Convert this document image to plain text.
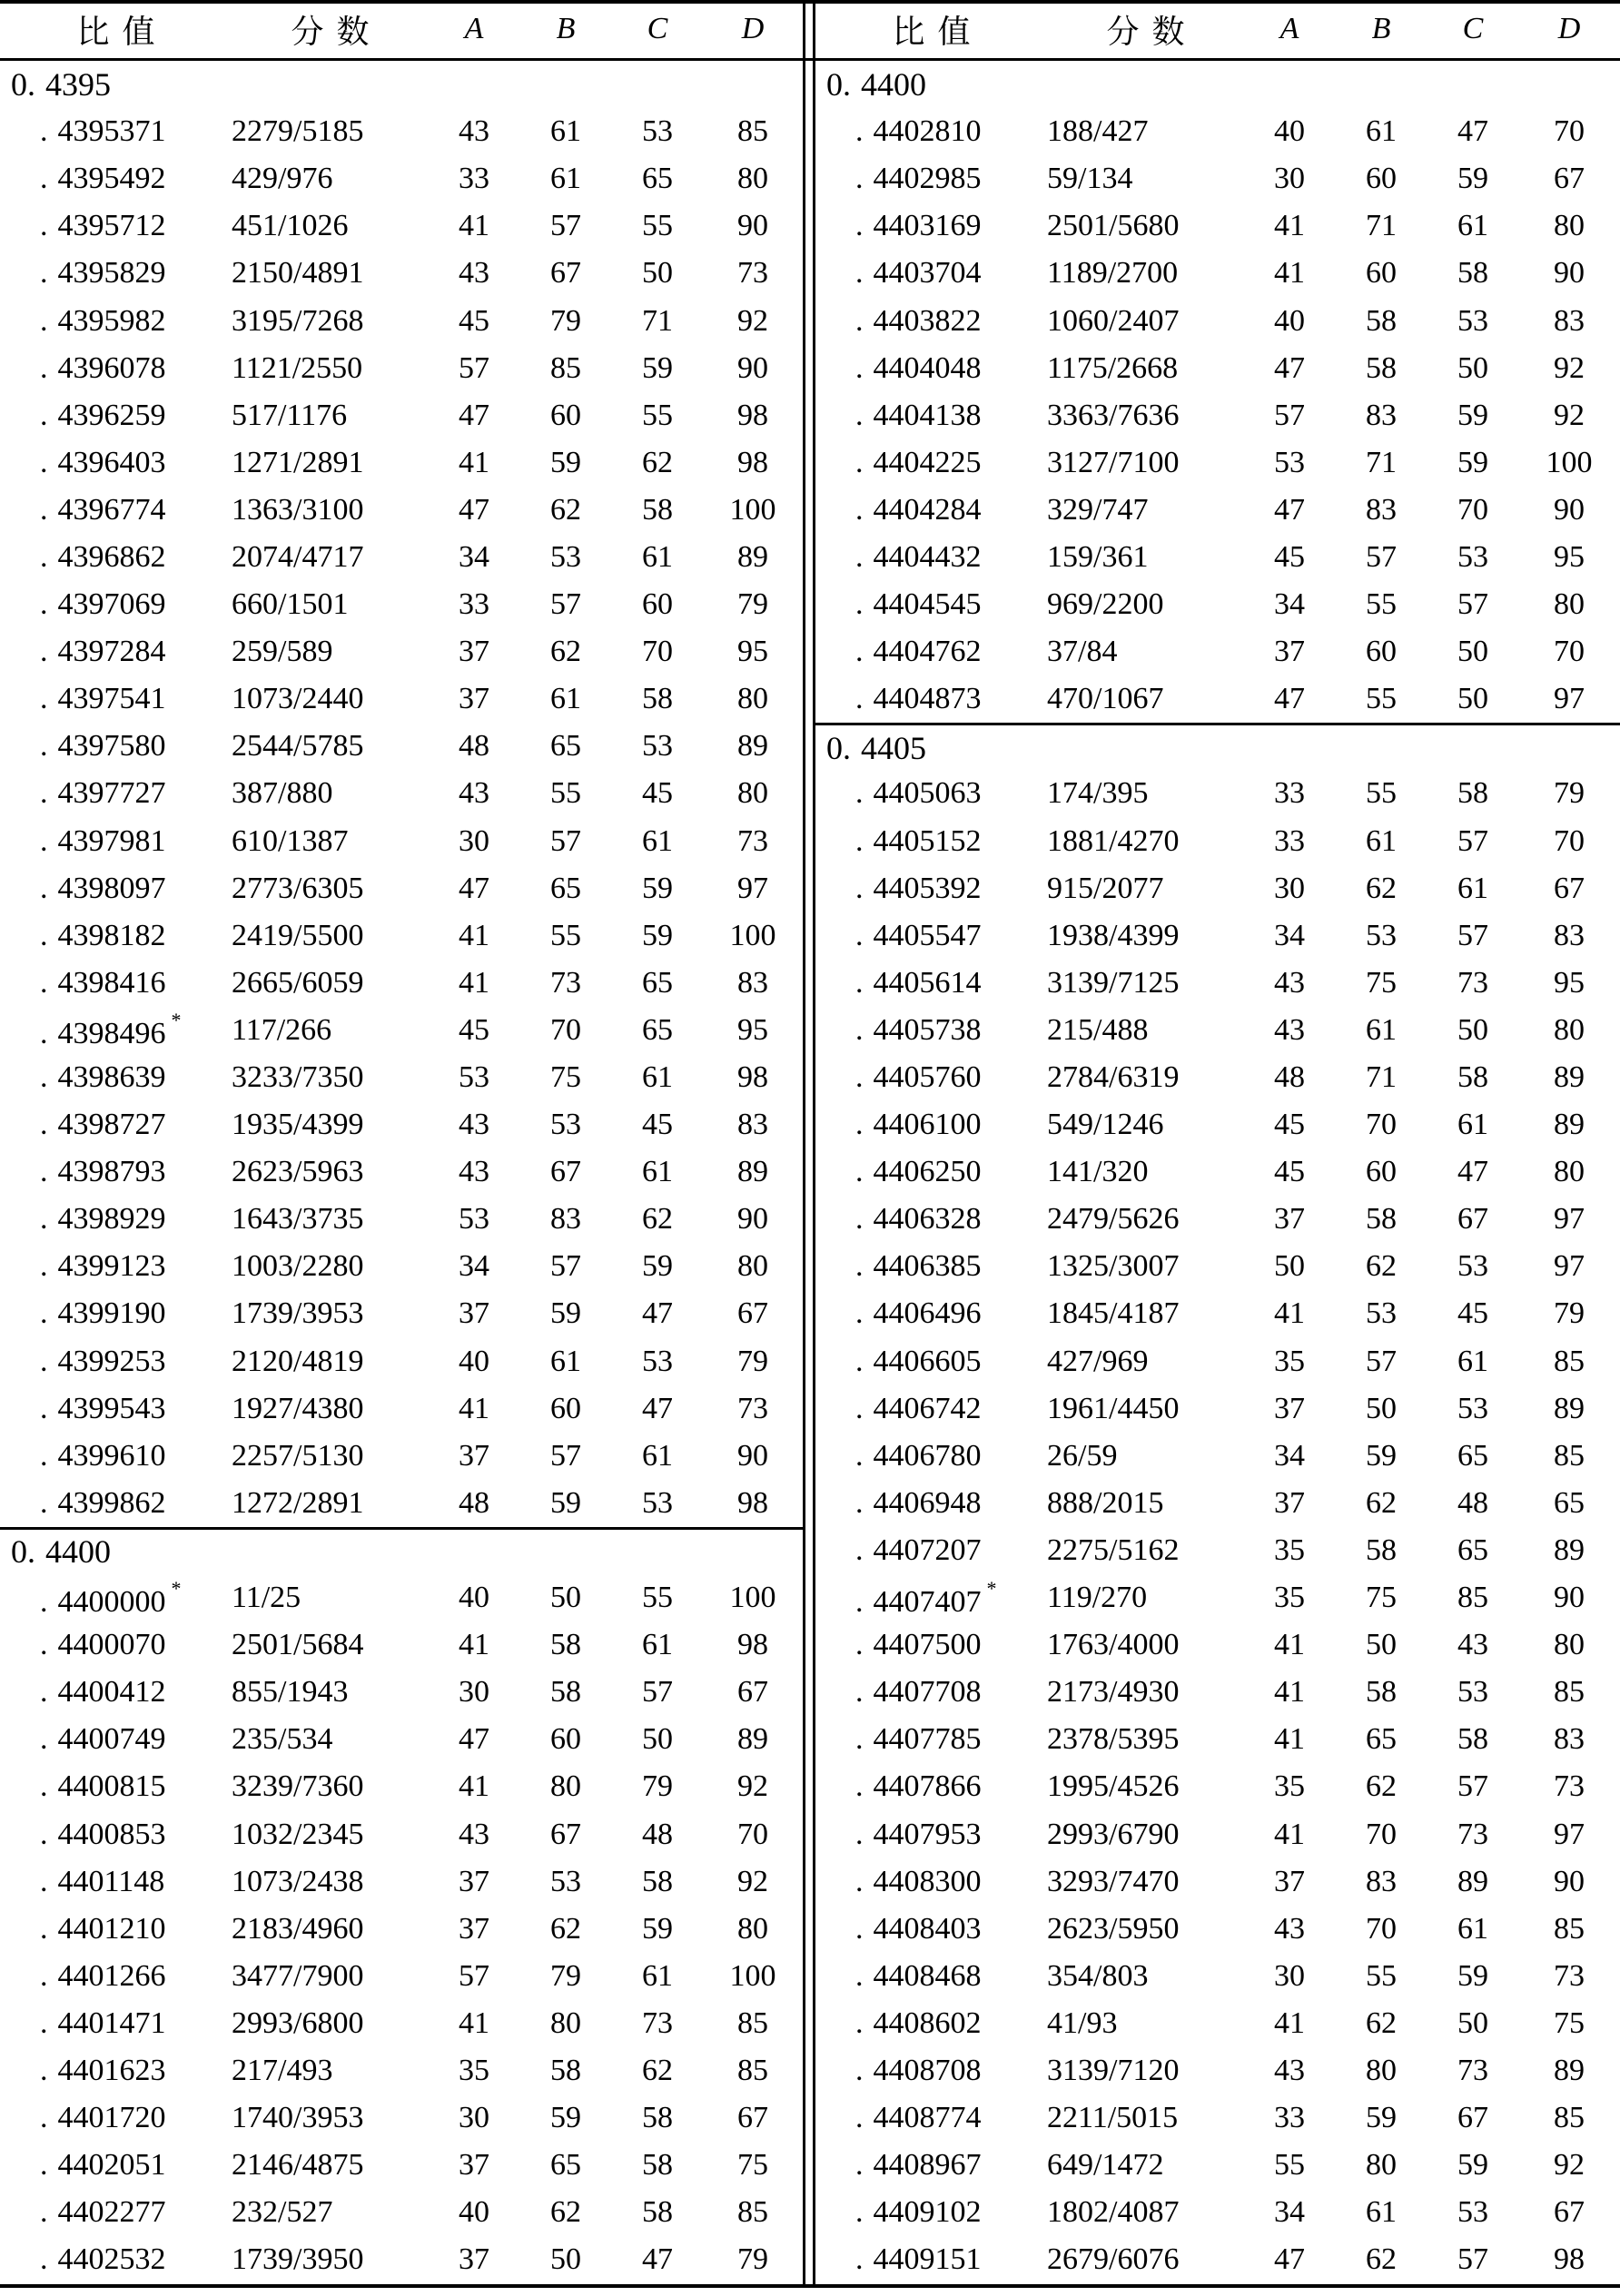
比值	分数	A	B	C	D
0. 4395
. 4395371	2279/5185	43	61	53	85
. 4395492	429/976	33	61	65	80
. 4395712	451/1026	41	57	55	90
. 4395829	2150/4891	43	67	50	73
. 4395982	3195/7268	45	79	71	92
. 4396078	1121/2550	57	85	59	90
. 4396259	517/1176	47	60	55	98
. 4396403	1271/2891	41	59	62	98
. 4396774	1363/3100	47	62	58	100
. 4396862	2074/4717	34	53	61	89
. 4397069	660/1501	33	57	60	79
. 4397284	259/589	37	62	70	95
. 4397541	1073/2440	37	61	58	80
. 4397580	2544/5785	48	65	53	89
. 4397727	387/880	43	55	45	80
. 4397981	610/1387	30	57	61	73
. 4398097	2773/6305	47	65	59	97
. 4398182	2419/5500	41	55	59	100
. 4398416	2665/6059	41	73	65	83
. 4398496 *	117/266	45	70	65	95
. 4398639	3233/7350	53	75	61	98
. 4398727	1935/4399	43	53	45	83
. 4398793	2623/5963	43	67	61	89
. 4398929	1643/3735	53	83	62	90
. 4399123	1003/2280	34	57	59	80
. 4399190	1739/3953	37	59	47	67
. 4399253	2120/4819	40	61	53	79
. 4399543	1927/4380	41	60	47	73
. 4399610	2257/5130	37	57	61	90
. 4399862	1272/2891	48	59	53	98
0. 4400
. 4400000 *	11/25	40	50	55	100
. 4400070	2501/5684	41	58	61	98
. 4400412	855/1943	30	58	57	67
. 4400749	235/534	47	60	50	89
. 4400815	3239/7360	41	80	79	92
. 4400853	1032/2345	43	67	48	70
. 4401148	1073/2438	37	53	58	92
. 4401210	2183/4960	37	62	59	80
. 4401266	3477/7900	57	79	61	100
. 4401471	2993/6800	41	80	73	85
. 4401623	217/493	35	58	62	85
. 4401720	1740/3953	30	59	58	67
. 4402051	2146/4875	37	65	58	75
. 4402277	232/527	40	62	58	85
. 4402532	1739/3950	37	50	47	79
比值	分数	A	B	C	D
0. 4400
. 4402810	188/427	40	61	47	70
. 4402985	59/134	30	60	59	67
. 4403169	2501/5680	41	71	61	80
. 4403704	1189/2700	41	60	58	90
. 4403822	1060/2407	40	58	53	83
. 4404048	1175/2668	47	58	50	92
. 4404138	3363/7636	57	83	59	92
. 4404225	3127/7100	53	71	59	100
. 4404284	329/747	47	83	70	90
. 4404432	159/361	45	57	53	95
. 4404545	969/2200	34	55	57	80
. 4404762	37/84	37	60	50	70
. 4404873	470/1067	47	55	50	97
0. 4405
. 4405063	174/395	33	55	58	79
. 4405152	1881/4270	33	61	57	70
. 4405392	915/2077	30	62	61	67
. 4405547	1938/4399	34	53	57	83
. 4405614	3139/7125	43	75	73	95
. 4405738	215/488	43	61	50	80
. 4405760	2784/6319	48	71	58	89
. 4406100	549/1246	45	70	61	89
. 4406250	141/320	45	60	47	80
. 4406328	2479/5626	37	58	67	97
. 4406385	1325/3007	50	62	53	97
. 4406496	1845/4187	41	53	45	79
. 4406605	427/969	35	57	61	85
. 4406742	1961/4450	37	50	53	89
. 4406780	26/59	34	59	65	85
. 4406948	888/2015	37	62	48	65
. 4407207	2275/5162	35	58	65	89
. 4407407 *	119/270	35	75	85	90
. 4407500	1763/4000	41	50	43	80
. 4407708	2173/4930	41	58	53	85
. 4407785	2378/5395	41	65	58	83
. 4407866	1995/4526	35	62	57	73
. 4407953	2993/6790	41	70	73	97
. 4408300	3293/7470	37	83	89	90
. 4408403	2623/5950	43	70	61	85
. 4408468	354/803	30	55	59	73
. 4408602	41/93	41	62	50	75
. 4408708	3139/7120	43	80	73	89
. 4408774	2211/5015	33	59	67	85
. 4408967	649/1472	55	80	59	92
. 4409102	1802/4087	34	61	53	67
. 4409151	2679/6076	47	62	57	98
